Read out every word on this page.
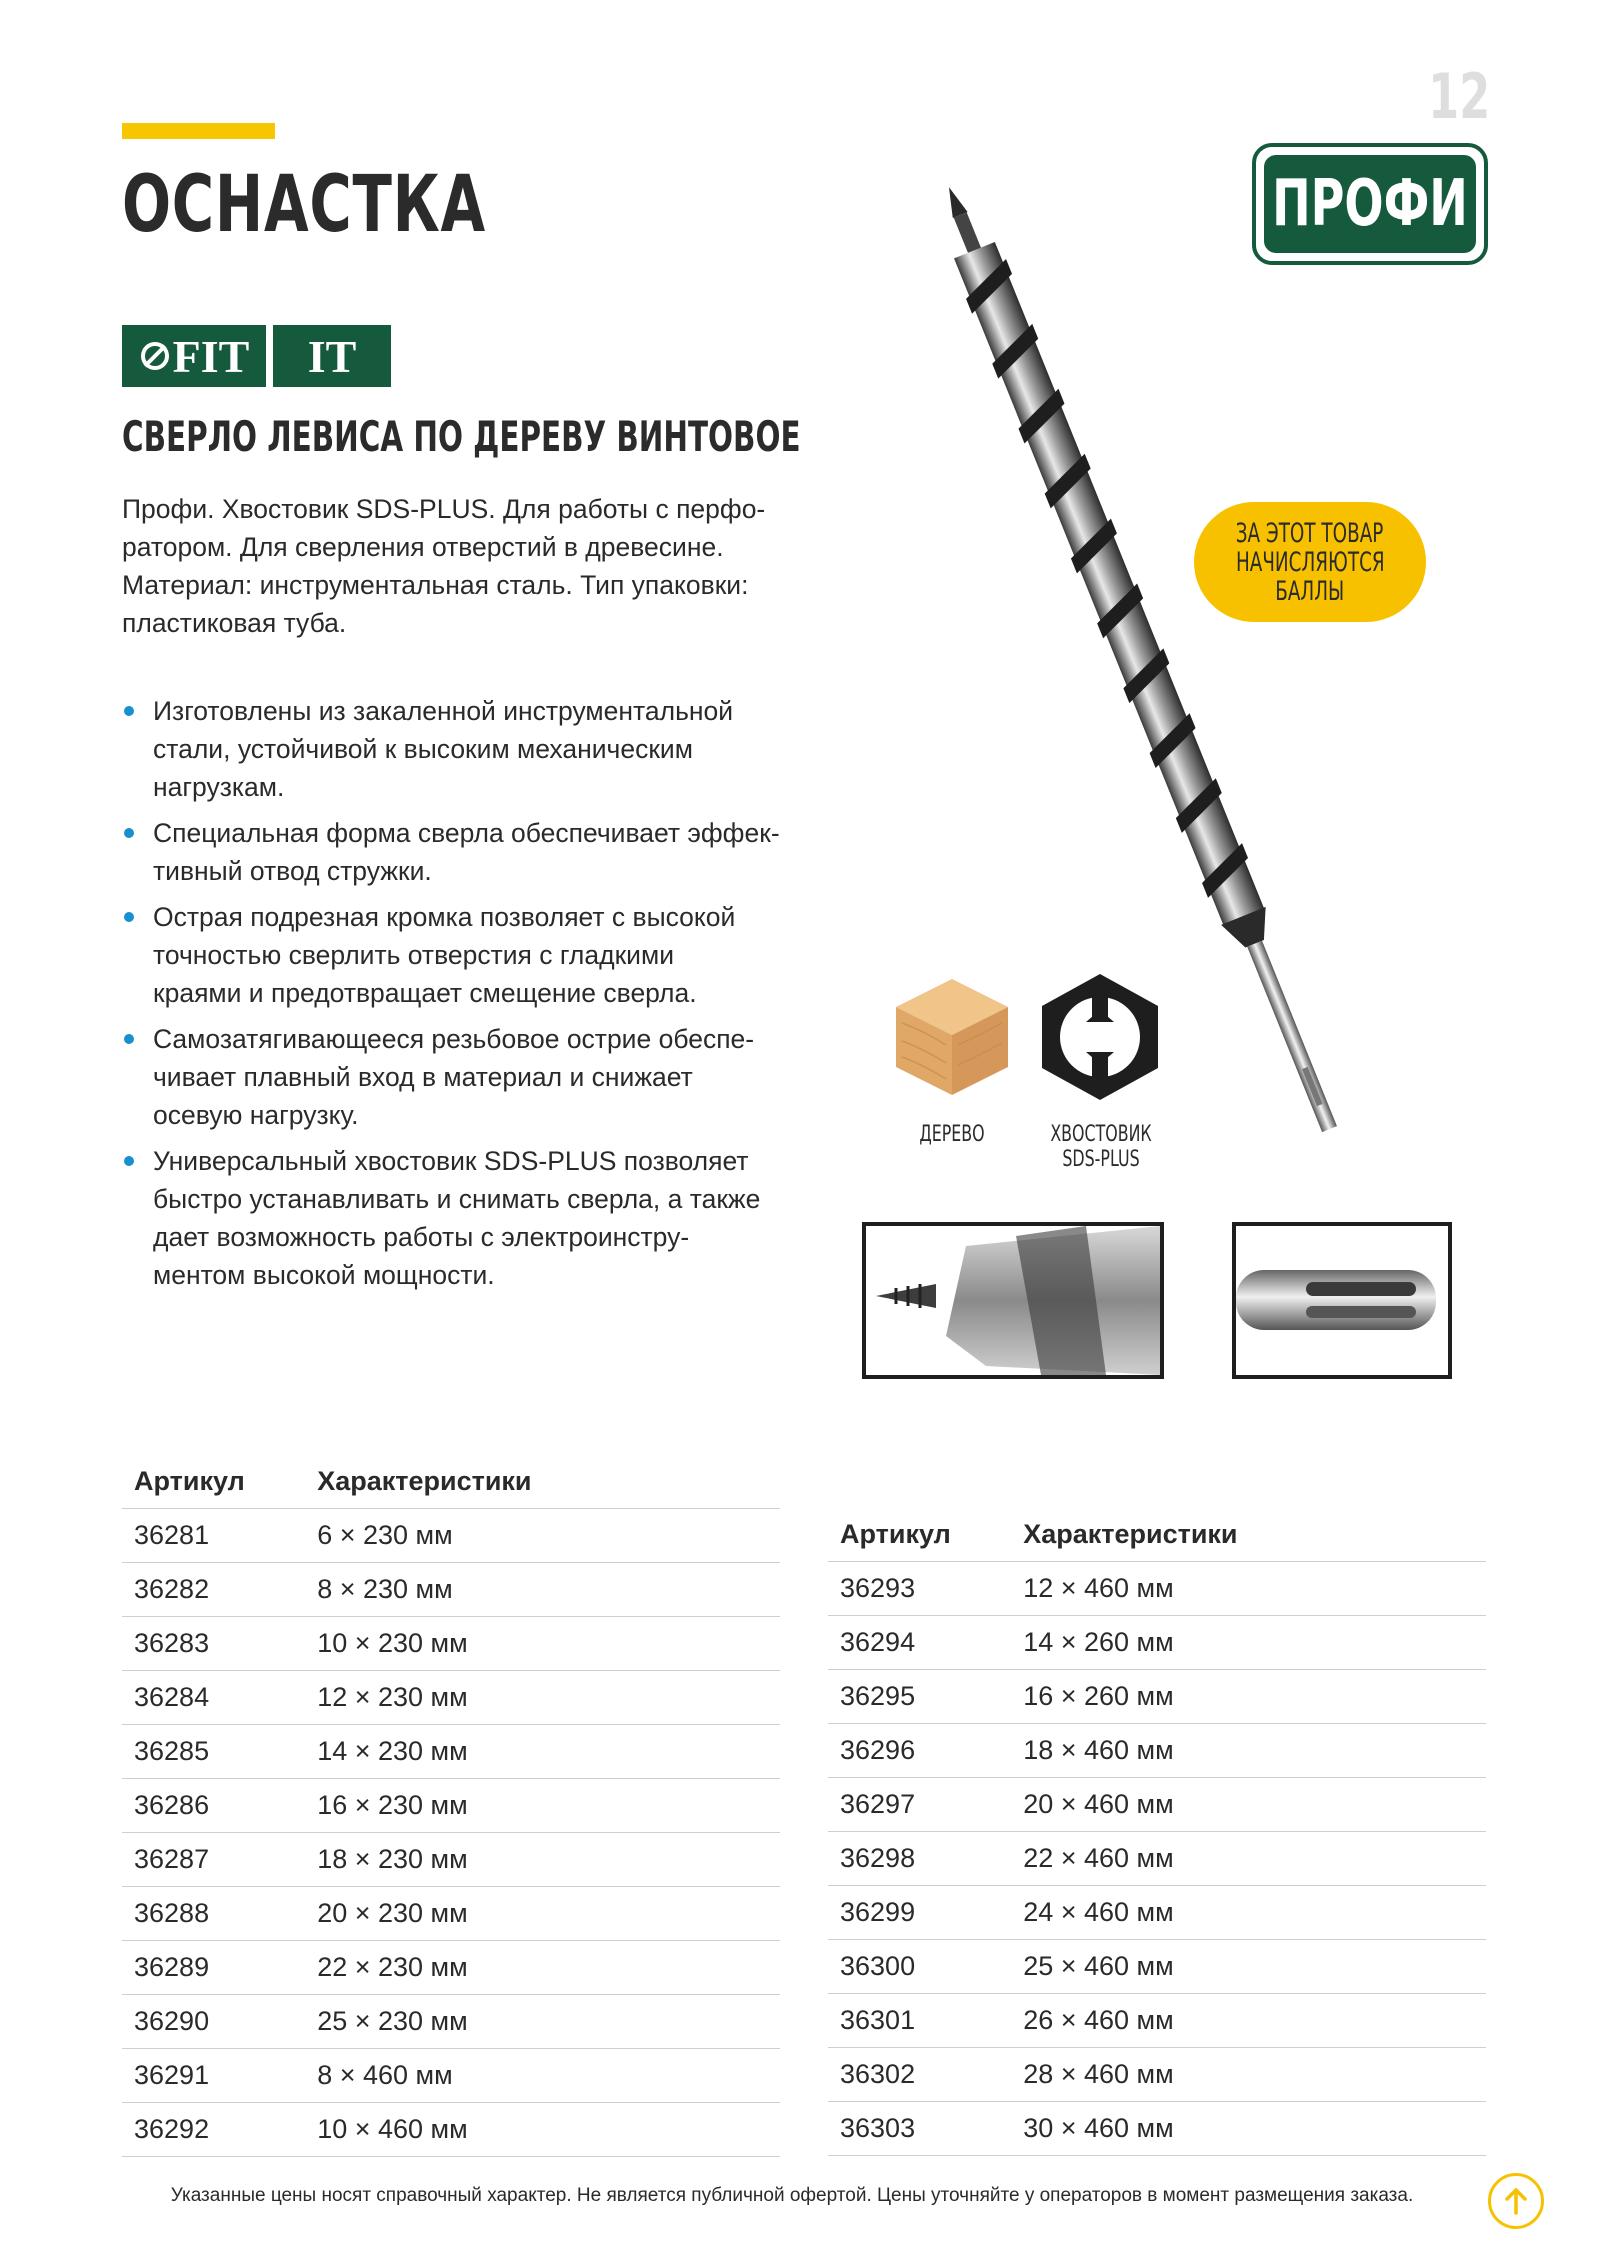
12
ОСНАСТКА	ПРОФИ
FIT IT
СВЕРЛО ЛЕВИСА ПО ДЕРЕВУ ВИНТОВОЕ
Профи. Хвостовик SDS-PLUS. Для работы с перфо-
ратором. Для сверления отверстий в древесине.
Материал: инструментальная сталь. Тип упаковки:
пластиковая туба.
Изготовлены из закаленной инструментальной
стали, устойчивой к высоким механическим
нагрузкам.
Специальная форма сверла обеспечивает эффек-
тивный отвод стружки.
Острая подрезная кромка позволяет с высокой
точностью сверлить отверстия с гладкими
краями и предотвращает смещение сверла.
Самозатягивающееся резьбовое острие обеспе-
чивает плавный вход в материал и снижает
осевую нагрузку.
Универсальный хвостовик SDS-PLUS позволяет
быстро устанавливать и снимать сверла, а также
дает возможность работы с электроинстру-
ментом высокой мощности.
ЗА ЭТОТ ТОВАР
НАЧИСЛЯЮТСЯ
БАЛЛЫ
ДЕРЕВО	ХВОСТОВИК
SDS-PLUS
Артикул	Характеристики
36281	6 × 230 мм
36282	8 × 230 мм
36283	10 × 230 мм
36284	12 × 230 мм
36285	14 × 230 мм
36286	16 × 230 мм
36287	18 × 230 мм
36288	20 × 230 мм
36289	22 × 230 мм
36290	25 × 230 мм
36291	8 × 460 мм
36292	10 × 460 мм
Артикул	Характеристики
36293	12 × 460 мм
36294	14 × 260 мм
36295	16 × 260 мм
36296	18 × 460 мм
36297	20 × 460 мм
36298	22 × 460 мм
36299	24 × 460 мм
36300	25 × 460 мм
36301	26 × 460 мм
36302	28 × 460 мм
36303	30 × 460 мм
Указанные цены носят справочный характер. Не является публичной офертой. Цены уточняйте у операторов в момент размещения заказа.
